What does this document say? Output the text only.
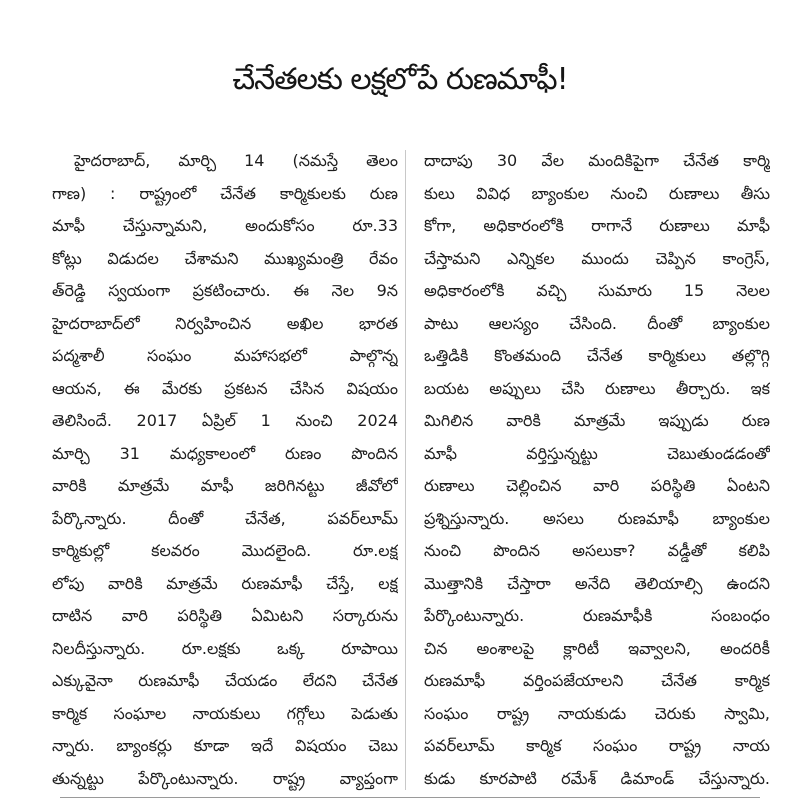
చేనేతలకు లక్షలోపే రుణమాఫీ!
హైదరాబాద్, మార్చి 14 (నమస్తే తెలం
గాణ) : రాష్ట్రంలో చేనేత కార్మికులకు రుణ
మాఫీ చేస్తున్నామని, అందుకోసం రూ.33
కోట్లు విడుదల చేశామని ముఖ్యమంత్రి రేవం
త్‌రెడ్డి స్వయంగా ప్రకటించారు. ఈ నెల 9న
హైదరాబాద్‌లో నిర్వహించిన అఖిల భారత
పద్మశాలీ సంఘం మహాసభలో పాల్గొన్న
ఆయన, ఈ మేరకు ప్రకటన చేసిన విషయం
తెలిసిందే. 2017 ఏప్రిల్ 1 నుంచి 2024
మార్చి 31 మధ్యకాలంలో రుణం పొందిన
వారికి మాత్రమే మాఫీ జరిగినట్టు జీవోలో
పేర్కొన్నారు. దీంతో చేనేత, పవర్‌లూమ్
కార్మికుల్లో కలవరం మొదలైంది. రూ.లక్ష
లోపు వారికి మాత్రమే రుణమాఫీ చేస్తే, లక్ష
దాటిన వారి పరిస్థితి ఏమిటని సర్కారును
నిలదీస్తున్నారు. రూ.లక్షకు ఒక్క రూపాయి
ఎక్కువైనా రుణమాఫీ చేయడం లేదని చేనేత
కార్మిక సంఘాల నాయకులు గగ్గోలు పెడుతు
న్నారు. బ్యాంకర్లు కూడా ఇదే విషయం చెబు
తున్నట్టు పేర్కొంటున్నారు. రాష్ట్ర వ్యాప్తంగా
దాదాపు 30 వేల మందికిపైగా చేనేత కార్మి
కులు వివిధ బ్యాంకుల నుంచి రుణాలు తీసు
కోగా, అధికారంలోకి రాగానే రుణాలు మాఫీ
చేస్తామని ఎన్నికల ముందు చెప్పిన కాంగ్రెస్,
అధికారంలోకి వచ్చి సుమారు 15 నెలల
పాటు ఆలస్యం చేసింది. దీంతో బ్యాంకుల
ఒత్తిడికి కొంతమంది చేనేత కార్మికులు తల్లొగ్గి
బయట అప్పులు చేసి రుణాలు తీర్చారు. ఇక
మిగిలిన వారికి మాత్రమే ఇప్పుడు రుణ
మాఫీ వర్తిస్తున్నట్టు చెబుతుండడంతో
రుణాలు చెల్లించిన వారి పరిస్థితి ఏంటని
ప్రశ్నిస్తున్నారు. అసలు రుణమాఫీ బ్యాంకుల
నుంచి పొందిన అసలుకా? వడ్డీతో కలిపి
మొత్తానికి చేస్తారా అనేది తెలియాల్సి ఉందని
పేర్కొంటున్నారు. రుణమాఫీకి సంబంధం
చిన అంశాలపై క్లారిటీ ఇవ్వాలని, అందరికీ
రుణమాఫీ వర్తింపజేయాలని చేనేత కార్మిక
సంఘం రాష్ట్ర నాయకుడు చెరుకు స్వామి,
పవర్‌లూమ్ కార్మిక సంఘం రాష్ట్ర నాయ
కుడు కూరపాటి రమేశ్ డిమాండ్ చేస్తున్నారు.
